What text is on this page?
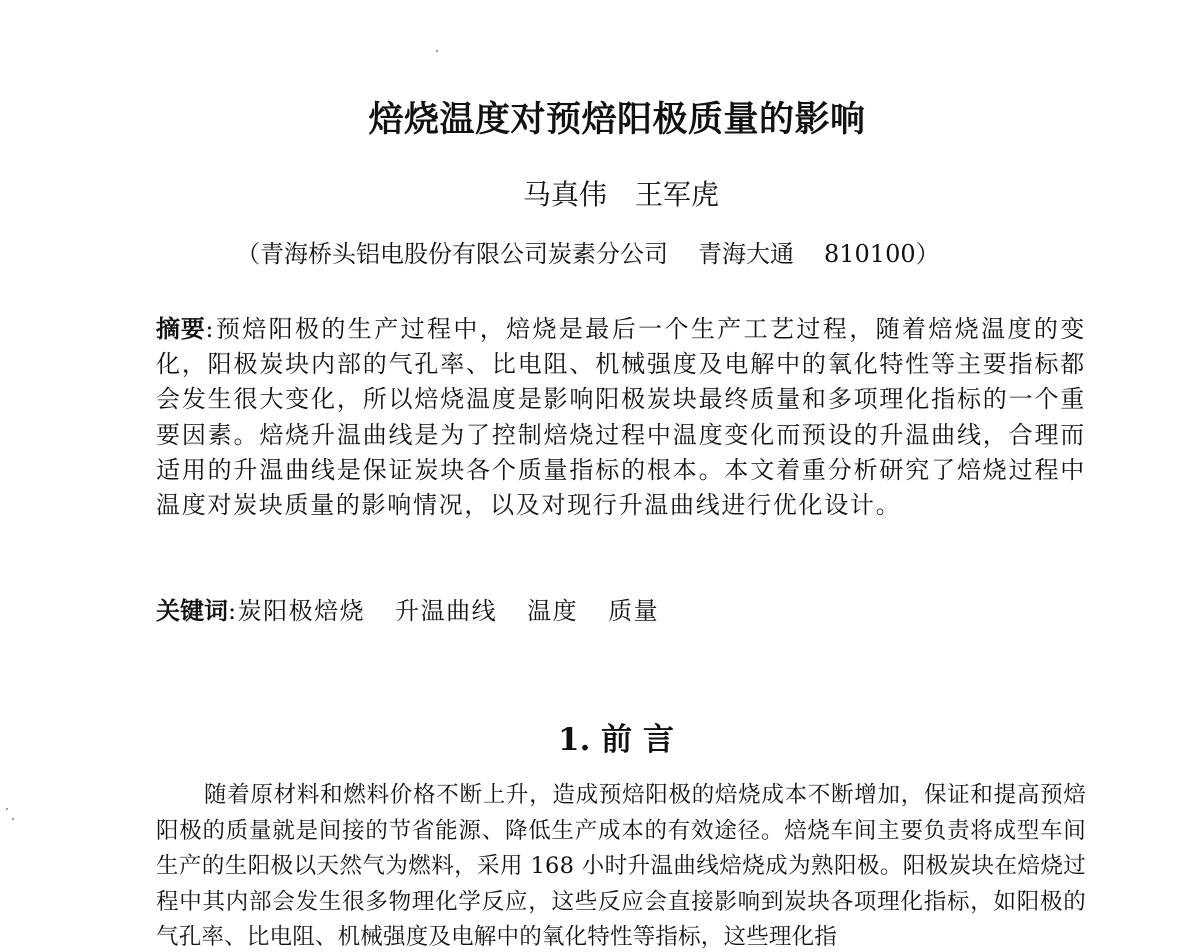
焙烧温度对预焙阳极质量的影响
马真伟 王军虎
（青海桥头铝电股份有限公司炭素分公司 青海大通 810100）
摘要:预焙阳极的生产过程中，焙烧是最后一个生产工艺过程，随着焙烧温度的变化，阳极炭块内部的气孔率、比电阻、机械强度及电解中的氧化特性等主要指标都会发生很大变化，所以焙烧温度是影响阳极炭块最终质量和多项理化指标的一个重要因素。焙烧升温曲线是为了控制焙烧过程中温度变化而预设的升温曲线，合理而适用的升温曲线是保证炭块各个质量指标的根本。本文着重分析研究了焙烧过程中温度对炭块质量的影响情况，以及对现行升温曲线进行优化设计。
关键词:炭阳极焙烧 升温曲线 温度 质量
1. 前 言
随着原材料和燃料价格不断上升，造成预焙阳极的焙烧成本不断增加，保证和提高预焙阳极的质量就是间接的节省能源、降低生产成本的有效途径。焙烧车间主要负责将成型车间生产的生阳极以天然气为燃料，采用 168 小时升温曲线焙烧成为熟阳极。阳极炭块在焙烧过程中其内部会发生很多物理化学反应，这些反应会直接影响到炭块各项理化指标，如阳极的气孔率、比电阻、机械强度及电解中的氧化特性等指标，这些理化指
